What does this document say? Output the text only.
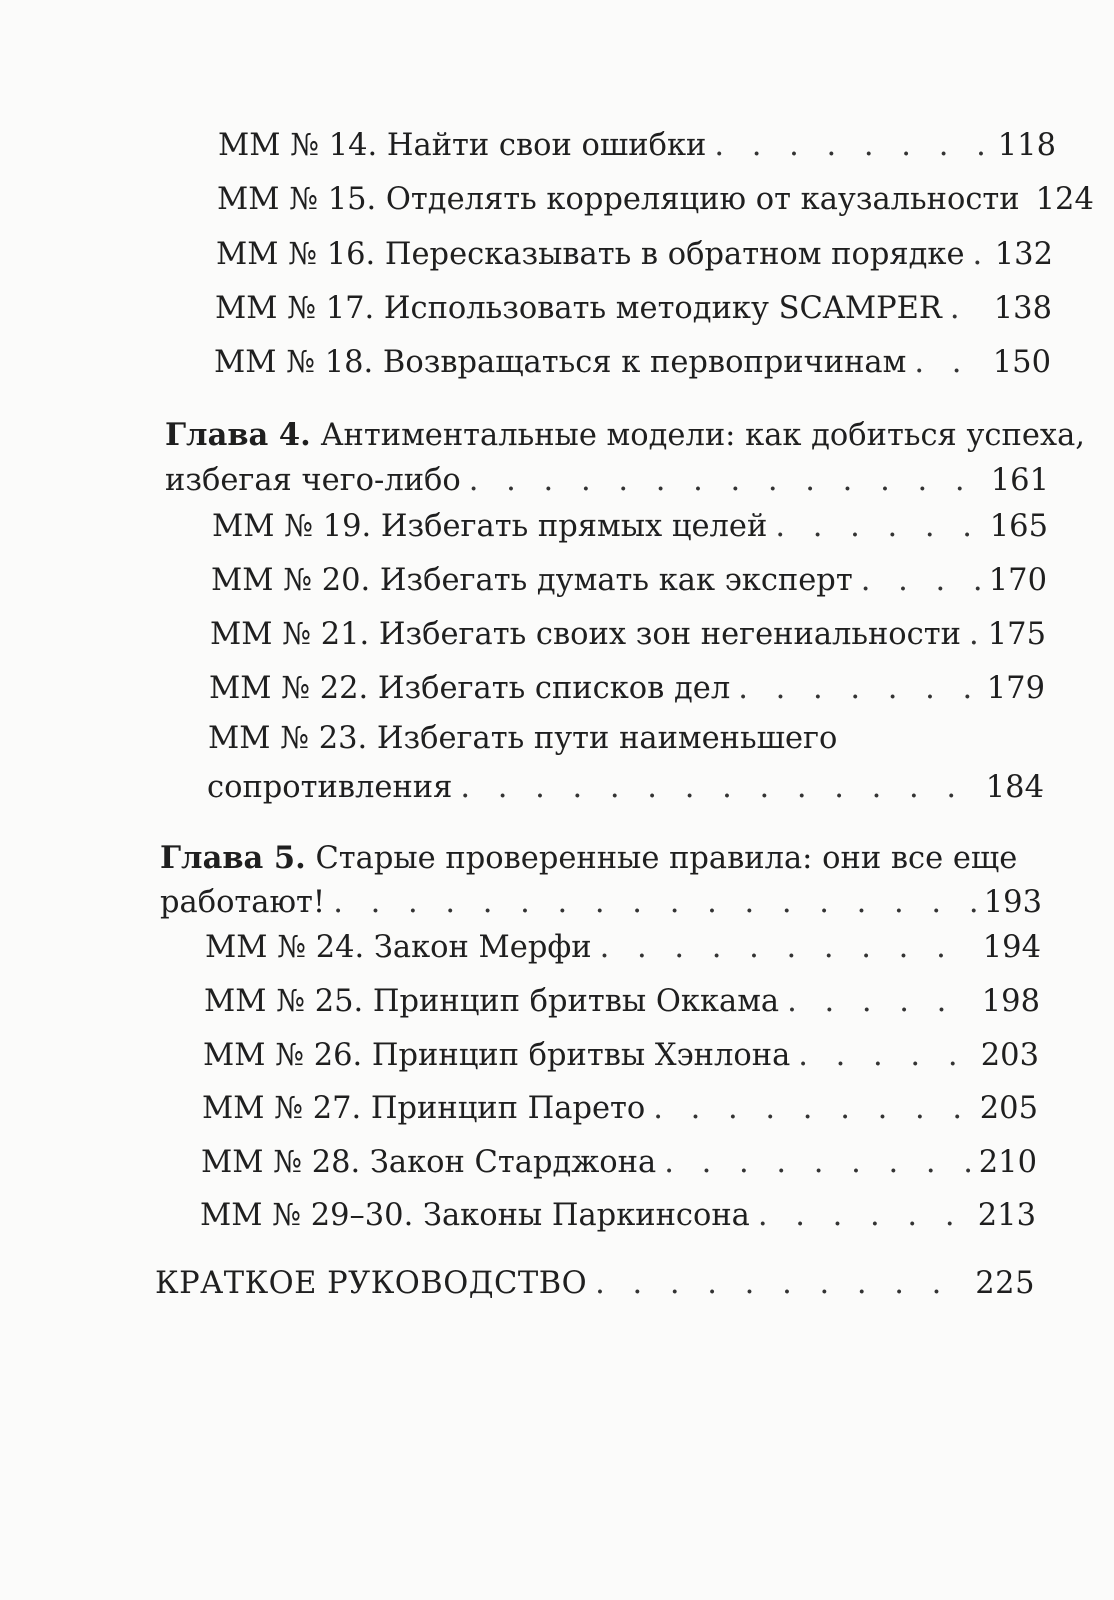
ММ № 14. Найти свои ошибки . . .	118
ММ № 15. Отделять корреляцию от каузальности 124
ММ № 16. Пересказывать в обратном порядке . . . 132
ММ № 17. Использовать методику SCAMPER . . . 138
ММ № 18. Возвращаться к первопричинам . . .	150
Глава 4. Антиментальные модели: как добиться успеха,
избегая чего-либо . . .	161
ММ № 19. Избегать прямых целей . . .	165
ММ № 20. Избегать думать как эксперт . . .	170
ММ № 21. Избегать своих зон негениальности . . . 175
ММ № 22. Избегать списков дел . . .	179
ММ № 23. Избегать пути наименьшего
сопротивления . . .	184
Глава 5. Старые проверенные правила: они все еще
работают! . . .	193
ММ № 24. Закон Мерфи . . .	194
ММ № 25. Принцип бритвы Оккама . . .	198
ММ № 26. Принцип бритвы Хэнлона . . .	203
ММ № 27. Принцип Парето . . .	205
ММ № 28. Закон Старджона . . .	210
ММ № 29–30. Законы Паркинсона . . .	213
КРАТКОЕ РУКОВОДСТВО . . .	225
